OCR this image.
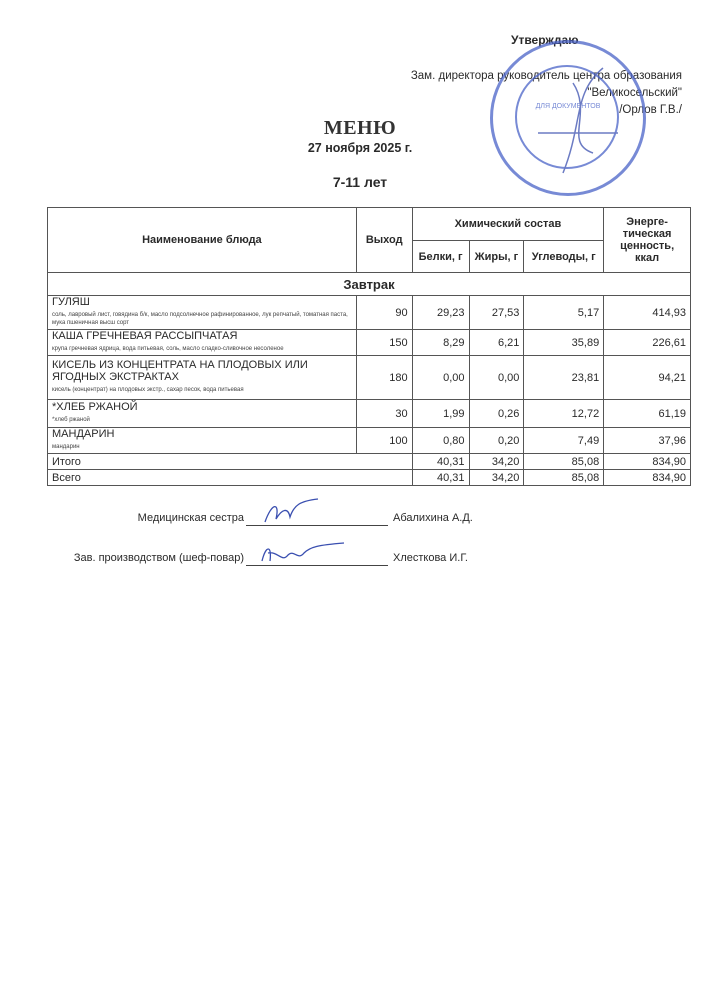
Утверждаю
Зам. директора руководитель центра образования
"Великосельский"
/Орлов Г.В./
ДЛЯ ДОКУМЕНТОВ
МЕНЮ
27 ноября 2025 г.
7-11 лет
Наименование блюда	Выход	Химический состав			Энерге-тическая ценность, ккал
		Белки, г	Жиры, г	Углеводы, г	
Завтрак					

ГУЛЯШ
соль, лавровый лист, говядина б/к, масло подсолнечное рафинированное, лук репчатый, томатная паста, мука пшеничная высш сорт	90	29,23	27,53	5,17	414,93

КАША ГРЕЧНЕВАЯ РАССЫПЧАТАЯ
крупа гречневая ядрица, вода питьевая, соль, масло сладко-сливочное несоленое	150	8,29	6,21	35,89	226,61

КИСЕЛЬ ИЗ КОНЦЕНТРАТА НА ПЛОДОВЫХ ИЛИ ЯГОДНЫХ ЭКСТРАКТАХ
кисель (концентрат) на плодовых экстр., сахар песок, вода питьевая	180	0,00	0,00	23,81	94,21

*ХЛЕБ РЖАНОЙ
*хлеб ржаной	30	1,99	0,26	12,72	61,19

МАНДАРИН
мандарин	100	0,80	0,20	7,49	37,96
Итого		40,31	34,20	85,08	834,90
Всего		40,31	34,20	85,08	834,90
Медицинская сестра	Абалихина А.Д.
Зав. производством (шеф-повар)	Хлесткова И.Г.
